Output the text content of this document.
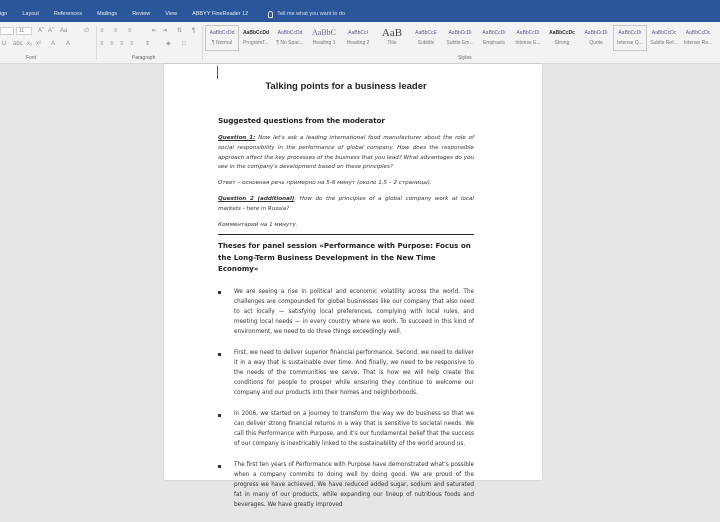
ign	Layout	References	Mailings	Review	View	ABBYY FineReader 12	Tell me what you want to do
11	Aˆ Aˇ Aa	∅
U abc x₂ x² A A
Font
≡ ≡ ≡	⇤ ⇥ ⇅ ¶
≡ ≡ ≡ ≡ ⇕	◈ □
Paragraph
AaBbCcDd
¶ Normal
AaBbCcDd
ProgramT...
AaBbCcDd
¶ No Spac...
AaBbC
Heading 1
AaBbCcI
Heading 2
AaB
Title
AaBbCcE
Subtitle
AaBbCcDi
Subtle Em...
AaBbCcDi
Emphasis
AaBbCcDi
Intense E...
AaBbCcDc
Strong
AaBbCcDi
Quote
AaBbCcDi
Intense Q...
AaBbCcDc
Subtle Ref...
AaBbCcDc
Intense Re...
Styles
Talking points for a business leader
Suggested questions from the moderator
Question 1: Now let's ask a leading international food manufacturer about the role of social responsibility in the performance of global company. How does the responsible approach affect the key processes of the business that you lead? What advantages do you see in the company's development based on these principles?
Ответ – основная речь примерно на 5-6 минут (около 1,5 – 2 страницы).
Question 2 (additional): How do the principles of a global company work at local markets - here in Russia?
Комментарий на 1 минуту.
Theses for panel session «Performance with Purpose: Focus on the Long-Term Business Development in the New Time Economy»
We are seeing a rise in political and economic volatility across the world. The challenges are compounded for global businesses like our company that also need to act locally — satisfying local preferences, complying with local rules, and meeting local needs — in every country where we work. To succeed in this kind of environment, we need to do three things exceedingly well.
First, we need to deliver superior financial performance. Second, we need to deliver it in a way that is sustainable over time. And finally, we need to be responsive to the needs of the communities we serve. That is how we will help create the conditions for people to prosper while ensuring they continue to welcome our company and our products into their homes and neighborhoods.
In 2006, we started on a journey to transform the way we do business so that we can deliver strong financial returns in a way that is sensitive to societal needs. We call this Performance with Purpose, and it's our fundamental belief that the success of our company is inextricably linked to the sustainability of the world around us.
The first ten years of Performance with Purpose have demonstrated what's possible when a company commits to doing well by doing good. We are proud of the progress we have achieved. We have reduced added sugar, sodium and saturated fat in many of our products, while expanding our lineup of nutritious foods and beverages. We have greatly improved
